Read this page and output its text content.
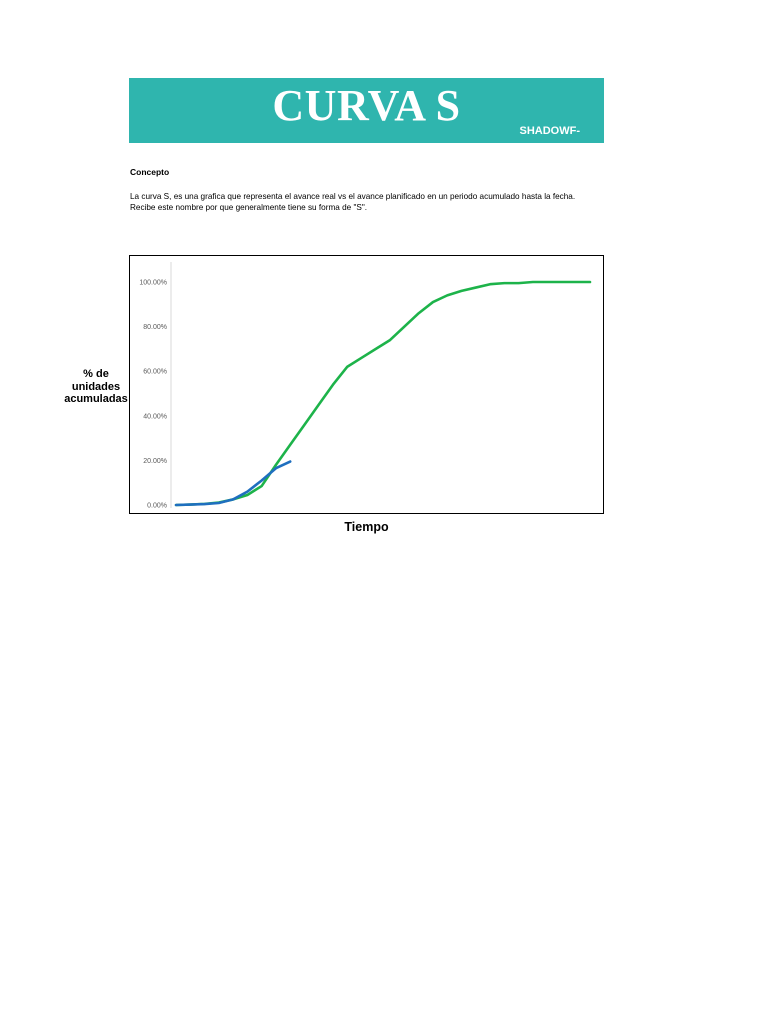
CURVA S
SHADOWF-
Concepto

La curva S, es una grafica que representa el avance real vs el avance planificado en un periodo acumulado hasta la fecha.

Recibe este nombre por que generalmente tiene su forma de "S".

0.00%
20.00%
40.00%
60.00%
80.00%
100.00%
% de unidades acumuladas
Tiempo
